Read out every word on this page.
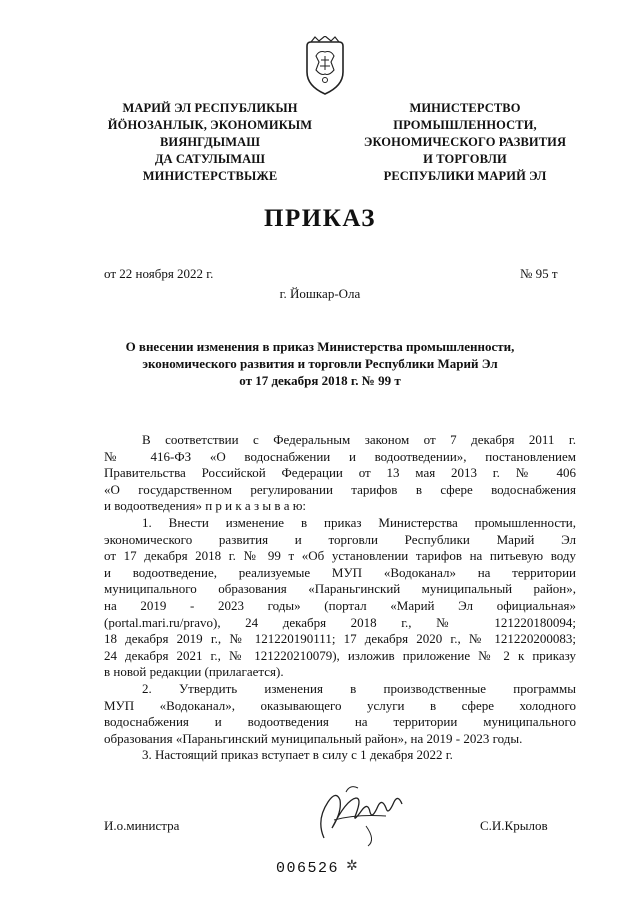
МАРИЙ ЭЛ РЕСПУБЛИКЫН
ЙӦНОЗАНЛЫК, ЭКОНОМИКЫМ
ВИЯНГДЫМАШ
ДА САТУЛЫМАШ
МИНИСТЕРСТВЫЖЕ
МИНИСТЕРСТВО
ПРОМЫШЛЕННОСТИ,
ЭКОНОМИЧЕСКОГО РАЗВИТИЯ
И ТОРГОВЛИ
РЕСПУБЛИКИ МАРИЙ ЭЛ
ПРИКАЗ
от 22 ноября 2022 г.	№ 95 т
г. Йошкар-Ола
О внесении изменения в приказ Министерства промышленности,
экономического развития и торговли Республики Марий Эл
от 17 декабря 2018 г. № 99 т
В соответствии с Федеральным законом от 7 декабря 2011 г.
№ 416-ФЗ «О водоснабжении и водоотведении», постановлением
Правительства Российской Федерации от 13 мая 2013 г. № 406
«О государственном регулировании тарифов в сфере водоснабжения
и водоотведения» п р и к а з ы в а ю:
1. Внести изменение в приказ Министерства промышленности,
экономического развития и торговли Республики Марий Эл
от 17 декабря 2018 г. № 99 т «Об установлении тарифов на питьевую воду
и водоотведение, реализуемые МУП «Водоканал» на территории
муниципального образования «Параньгинский муниципальный район»,
на 2019 - 2023 годы» (портал «Марий Эл официальная»
(portal.mari.ru/pravo), 24 декабря 2018 г., № 121220180094;
18 декабря 2019 г., № 121220190111; 17 декабря 2020 г., № 121220200083;
24 декабря 2021 г., № 121220210079), изложив приложение № 2 к приказу
в новой редакции (прилагается).
2. Утвердить изменения в производственные программы
МУП «Водоканал», оказывающего услуги в сфере холодного
водоснабжения и водоотведения на территории муниципального
образования «Параньгинский муниципальный район», на 2019 - 2023 годы.
3. Настоящий приказ вступает в силу с 1 декабря 2022 г.
И.о.министра	С.И.Крылов
006526 ✲
